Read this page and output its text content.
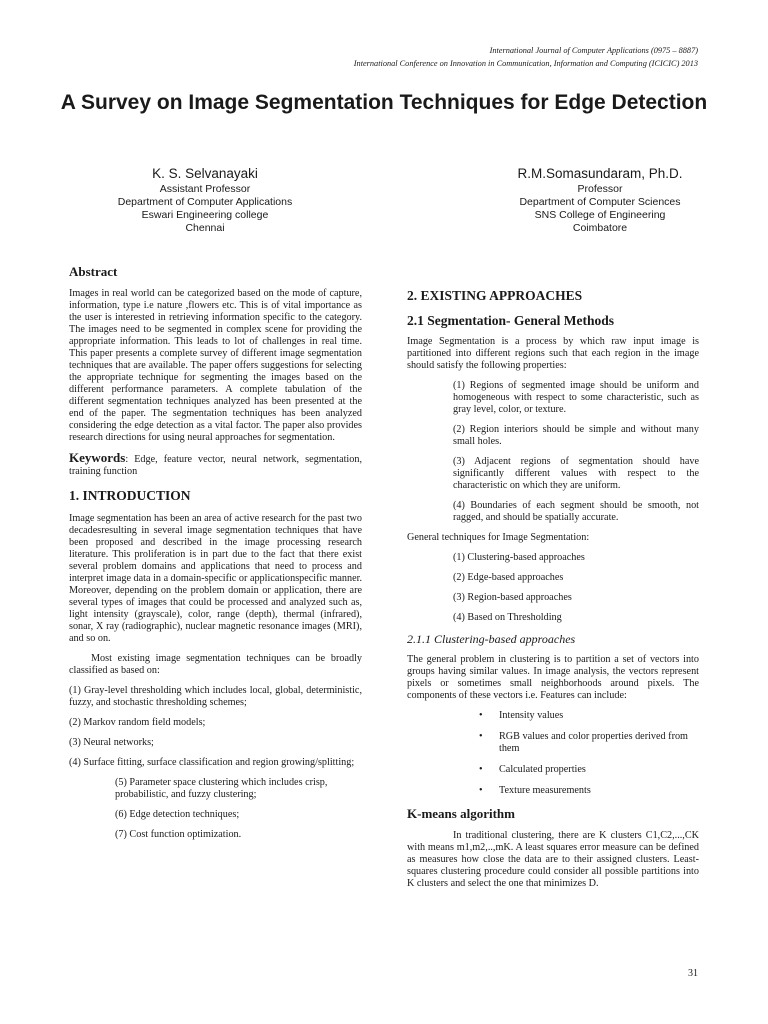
International Journal of Computer Applications (0975 – 8887)
International Conference on Innovation in Communication, Information and Computing (ICICIC) 2013
A Survey on Image Segmentation Techniques for Edge Detection
K. S. Selvanayaki
Assistant Professor
Department of Computer Applications
Eswari Engineering college
Chennai
R.M.Somasundaram, Ph.D.
Professor
Department of Computer Sciences
SNS College of Engineering
Coimbatore
Abstract

Images in real world can be categorized based on the mode of capture, information, type i.e nature ,flowers etc. This is of vital importance as the user is interested in retrieving information specific to the category. The images need to be segmented in complex scene for providing the appropriate information. This leads to lot of challenges in real time. This paper presents a complete survey of different image segmentation techniques that are available. The paper offers suggestions for selecting the appropriate technique for segmenting the images based on the different performance parameters. A complete tabulation of the different segmentation techniques analyzed has been presented at the end of the paper. The segmentation techniques has been analyzed considering the edge detection as a vital factor. The paper also provides research directions for using neural approaches for segmentation.

Keywords: Edge, feature vector, neural network, segmentation, training function

1. INTRODUCTION

Image segmentation has been an area of active research for the past two decadesresulting in several image segmentation techniques that have been proposed and described in the image processing research literature. This proliferation is in part due to the fact that there exist several problem domains and applications that need to process and interpret image data in a domain-specific or applicationspecific manner. Moreover, depending on the problem domain or application, there are several types of images that could be processed and analyzed such as, light intensity (grayscale), color, range (depth), thermal (infrared), sonar, X ray (radiographic), nuclear magnetic resonance images (MRI), and so on.

Most existing image segmentation techniques can be broadly classified as based on:

(1) Gray-level thresholding which includes local, global, deterministic, fuzzy, and stochastic thresholding schemes;

(2) Markov random field models;

(3) Neural networks;

(4) Surface fitting, surface classification and region growing/splitting;

(5) Parameter space clustering which includes crisp, probabilistic, and fuzzy clustering;

(6) Edge detection techniques;

(7) Cost function optimization.

2. EXISTING APPROACHES
2.1 Segmentation- General Methods

Image Segmentation is a process by which raw input image is partitioned into different regions such that each region in the image should satisfy the following properties:

(1) Regions of segmented image should be uniform and homogeneous with respect to some characteristic, such as gray level, color, or texture.

(2) Region interiors should be simple and without many small holes.

(3) Adjacent regions of segmentation should have significantly different values with respect to the characteristic on which they are uniform.

(4) Boundaries of each segment should be smooth, not ragged, and should be spatially accurate.

General techniques for Image Segmentation:

(1) Clustering-based approaches

(2) Edge-based approaches

(3) Region-based approaches

(4) Based on Thresholding

2.1.1 Clustering-based approaches

The general problem in clustering is to partition a set of vectors into groups having similar values. In image analysis, the vectors represent pixels or sometimes small neighborhoods around pixels. The components of these vectors i.e. Features can include:

• Intensity values
• RGB values and color properties derived from them
• Calculated properties
• Texture measurements
K-means algorithm

In traditional clustering, there are K clusters C1,C2,...,CK with means m1,m2,..,mK. A least squares error measure can be defined as measures how close the data are to their assigned clusters. Least-squares clustering procedure could consider all possible partitions into K clusters and select the one that minimizes D.

31
